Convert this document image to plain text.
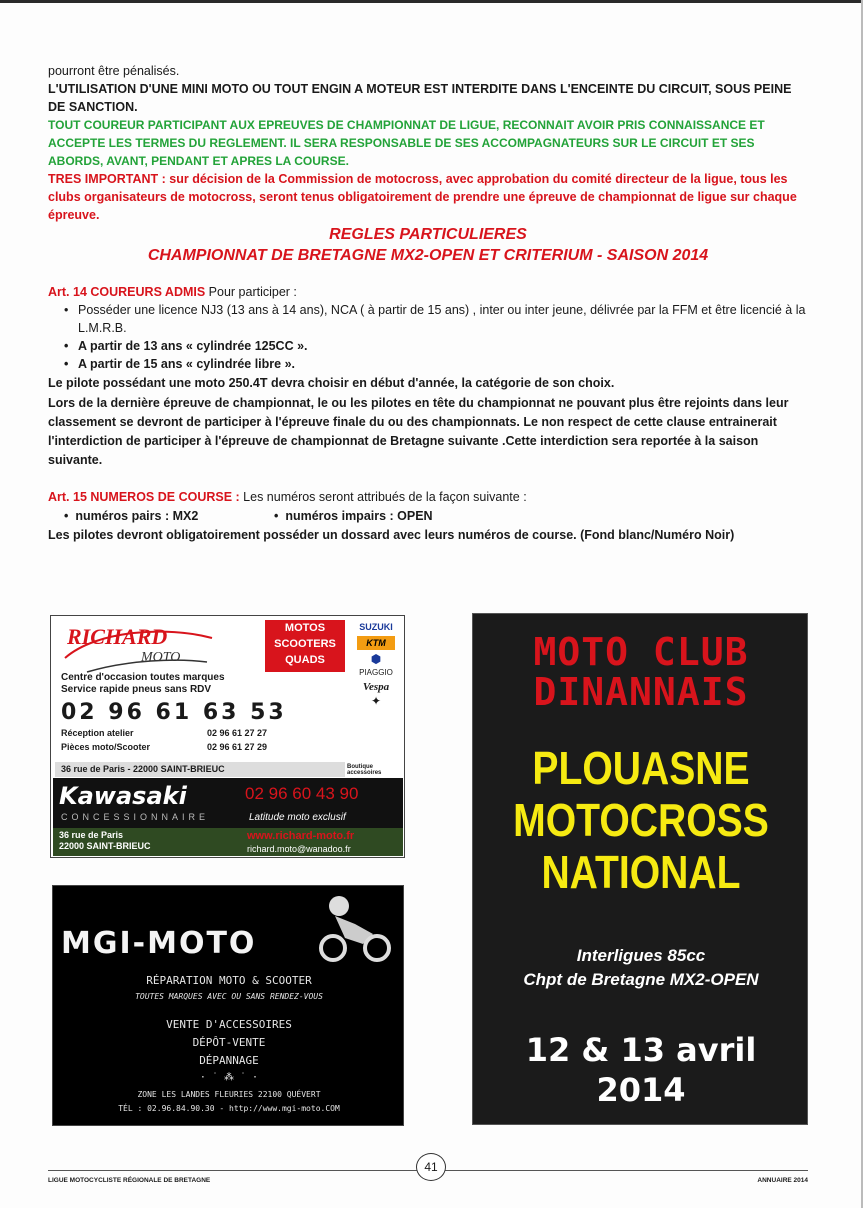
pourront être pénalisés.
L'UTILISATION D'UNE MINI MOTO OU TOUT ENGIN A MOTEUR EST INTERDITE DANS L'ENCEINTE DU CIRCUIT, SOUS PEINE DE SANCTION.
TOUT COUREUR PARTICIPANT AUX EPREUVES DE CHAMPIONNAT DE LIGUE, RECONNAIT AVOIR PRIS CONNAISSANCE ET ACCEPTE LES TERMES DU REGLEMENT. IL SERA RESPONSABLE DE SES ACCOMPAGNATEURS SUR LE CIRCUIT ET SES ABORDS, AVANT, PENDANT ET APRES LA COURSE.
TRES IMPORTANT : sur décision de la Commission de motocross, avec approbation du comité directeur de la ligue, tous les clubs organisateurs de motocross, seront tenus obligatoirement de prendre une épreuve de championnat de ligue sur chaque épreuve.
REGLES PARTICULIERES
CHAMPIONNAT DE BRETAGNE MX2-OPEN ET CRITERIUM - SAISON 2014
Art. 14 COUREURS ADMIS Pour participer :
• Posséder une licence NJ3 (13 ans à 14 ans), NCA ( à partir de 15 ans) , inter ou inter jeune, délivrée par la FFM et être licencié à la L.M.R.B.
• A partir de 13 ans « cylindrée 125CC ».
• A partir de 15 ans « cylindrée libre ».
Le pilote possédant une moto 250.4T devra choisir en début d'année, la catégorie de son choix.
Lors de la dernière épreuve de championnat, le ou les pilotes en tête du championnat ne pouvant plus être rejoints dans leur classement se devront de participer à l'épreuve finale du ou des championnats. Le non respect de cette clause entrainerait l'interdiction de participer à l'épreuve de championnat de Bretagne suivante .Cette interdiction sera reportée à la saison suivante.
Art. 15 NUMEROS DE COURSE : Les numéros seront attribués de la façon suivante :
•  numéros pairs : MX2	•  numéros impairs : OPEN
Les pilotes devront obligatoirement posséder un dossard avec leurs numéros de course. (Fond blanc/Numéro Noir)
RICHARD
MOTO
MOTOS
SCOOTERS
QUADS
SUZUKI
KTM
⬢
PIAGGIO
Vespa
✦
Centre d'occasion toutes marques
Service rapide pneus sans RDV
02 96 61 63 53
Réception atelier	02 96 61 27 27
Pièces moto/Scooter	02 96 61 27 29
36 rue de Paris - 22000 SAINT-BRIEUC	Boutique accessoires
Kawasaki	02 96 60 43 90
CONCESSIONNAIRE	Latitude moto exclusif
36 rue de Paris
22000 SAINT-BRIEUC
www.richard-moto.fr
richard.moto@wanadoo.fr
MGI-MOTO
RÉPARATION MOTO & SCOOTER
TOUTES MARQUES AVEC OU SANS RENDEZ-VOUS
VENTE D'ACCESSOIRES
DÉPÔT-VENTE
DÉPANNAGE
· ˙ ⁂ ˙ ·
ZONE LES LANDES FLEURIES 22100 QUÉVERT
TÉL : 02.96.84.90.30 - http://www.mgi-moto.COM
MOTO CLUB
DINANNAIS
PLOUASNE
MOTOCROSS
NATIONAL
Interligues 85cc
Chpt de Bretagne MX2-OPEN
12 & 13 avril
2014
LIGUE MOTOCYCLISTE RÉGIONALE DE BRETAGNE	ANNUAIRE 2014
41
